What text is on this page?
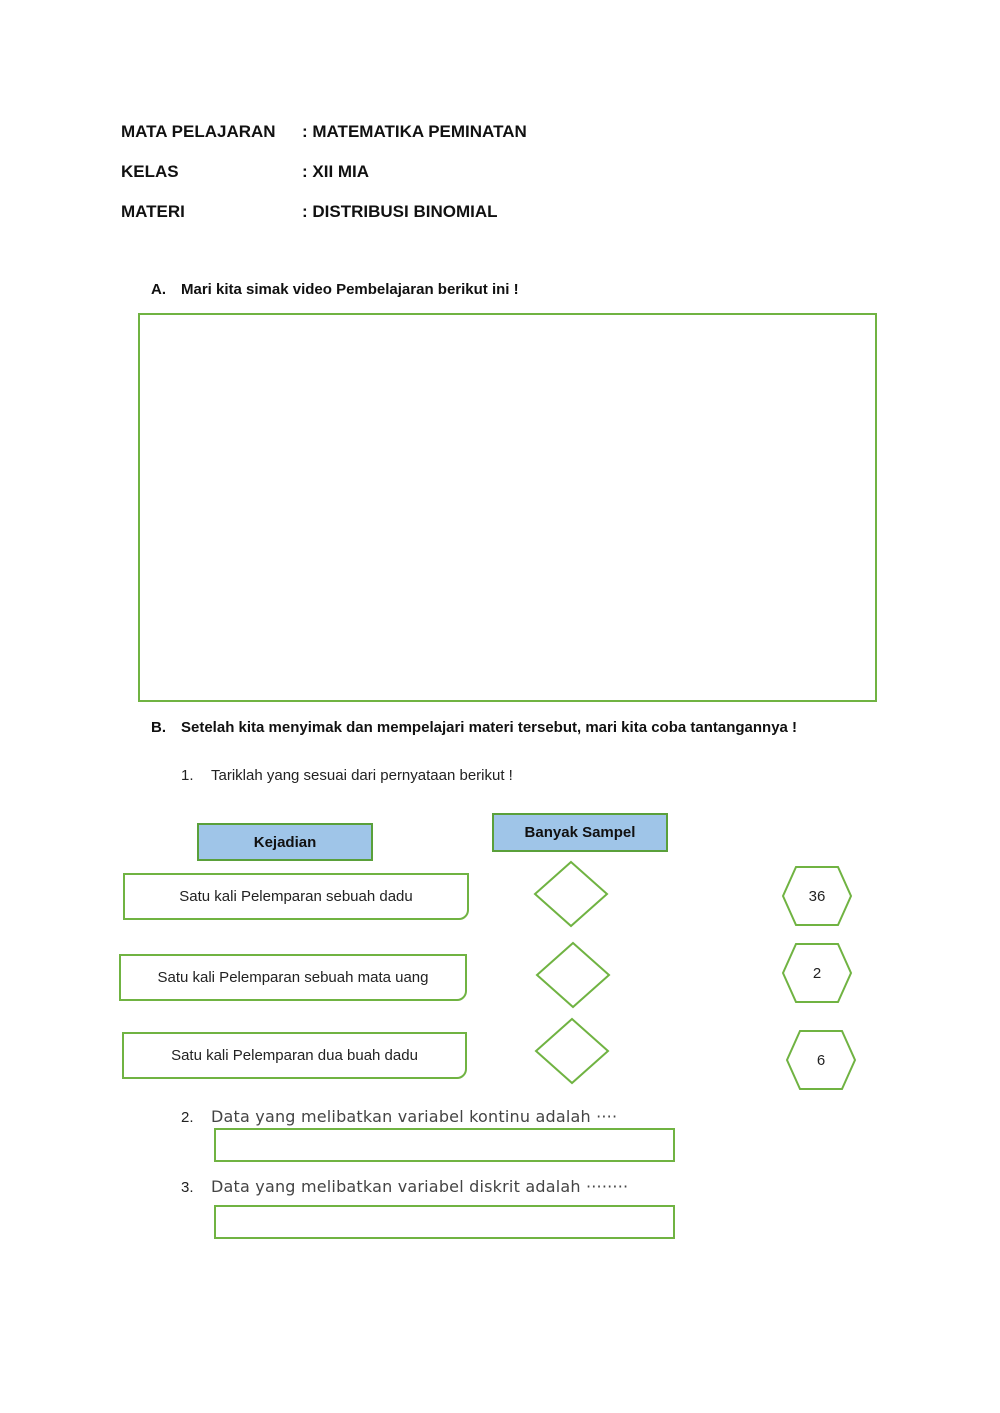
MATA PELAJARAN : MATEMATIKA PEMINATAN
KELAS	: XII MIA
MATERI	: DISTRIBUSI BINOMIAL
A. Mari kita simak video Pembelajaran berikut ini !
B. Setelah kita menyimak dan mempelajari materi tersebut, mari kita coba tantangannya !
1. Tariklah yang sesuai dari pernyataan berikut !
Kejadian
Banyak Sampel
Satu kali Pelemparan sebuah dadu
Satu kali Pelemparan sebuah mata uang
Satu kali Pelemparan dua buah dadu
36
2
6
2. Data yang melibatkan variabel kontinu adalah ····
3. Data yang melibatkan variabel diskrit adalah ········
